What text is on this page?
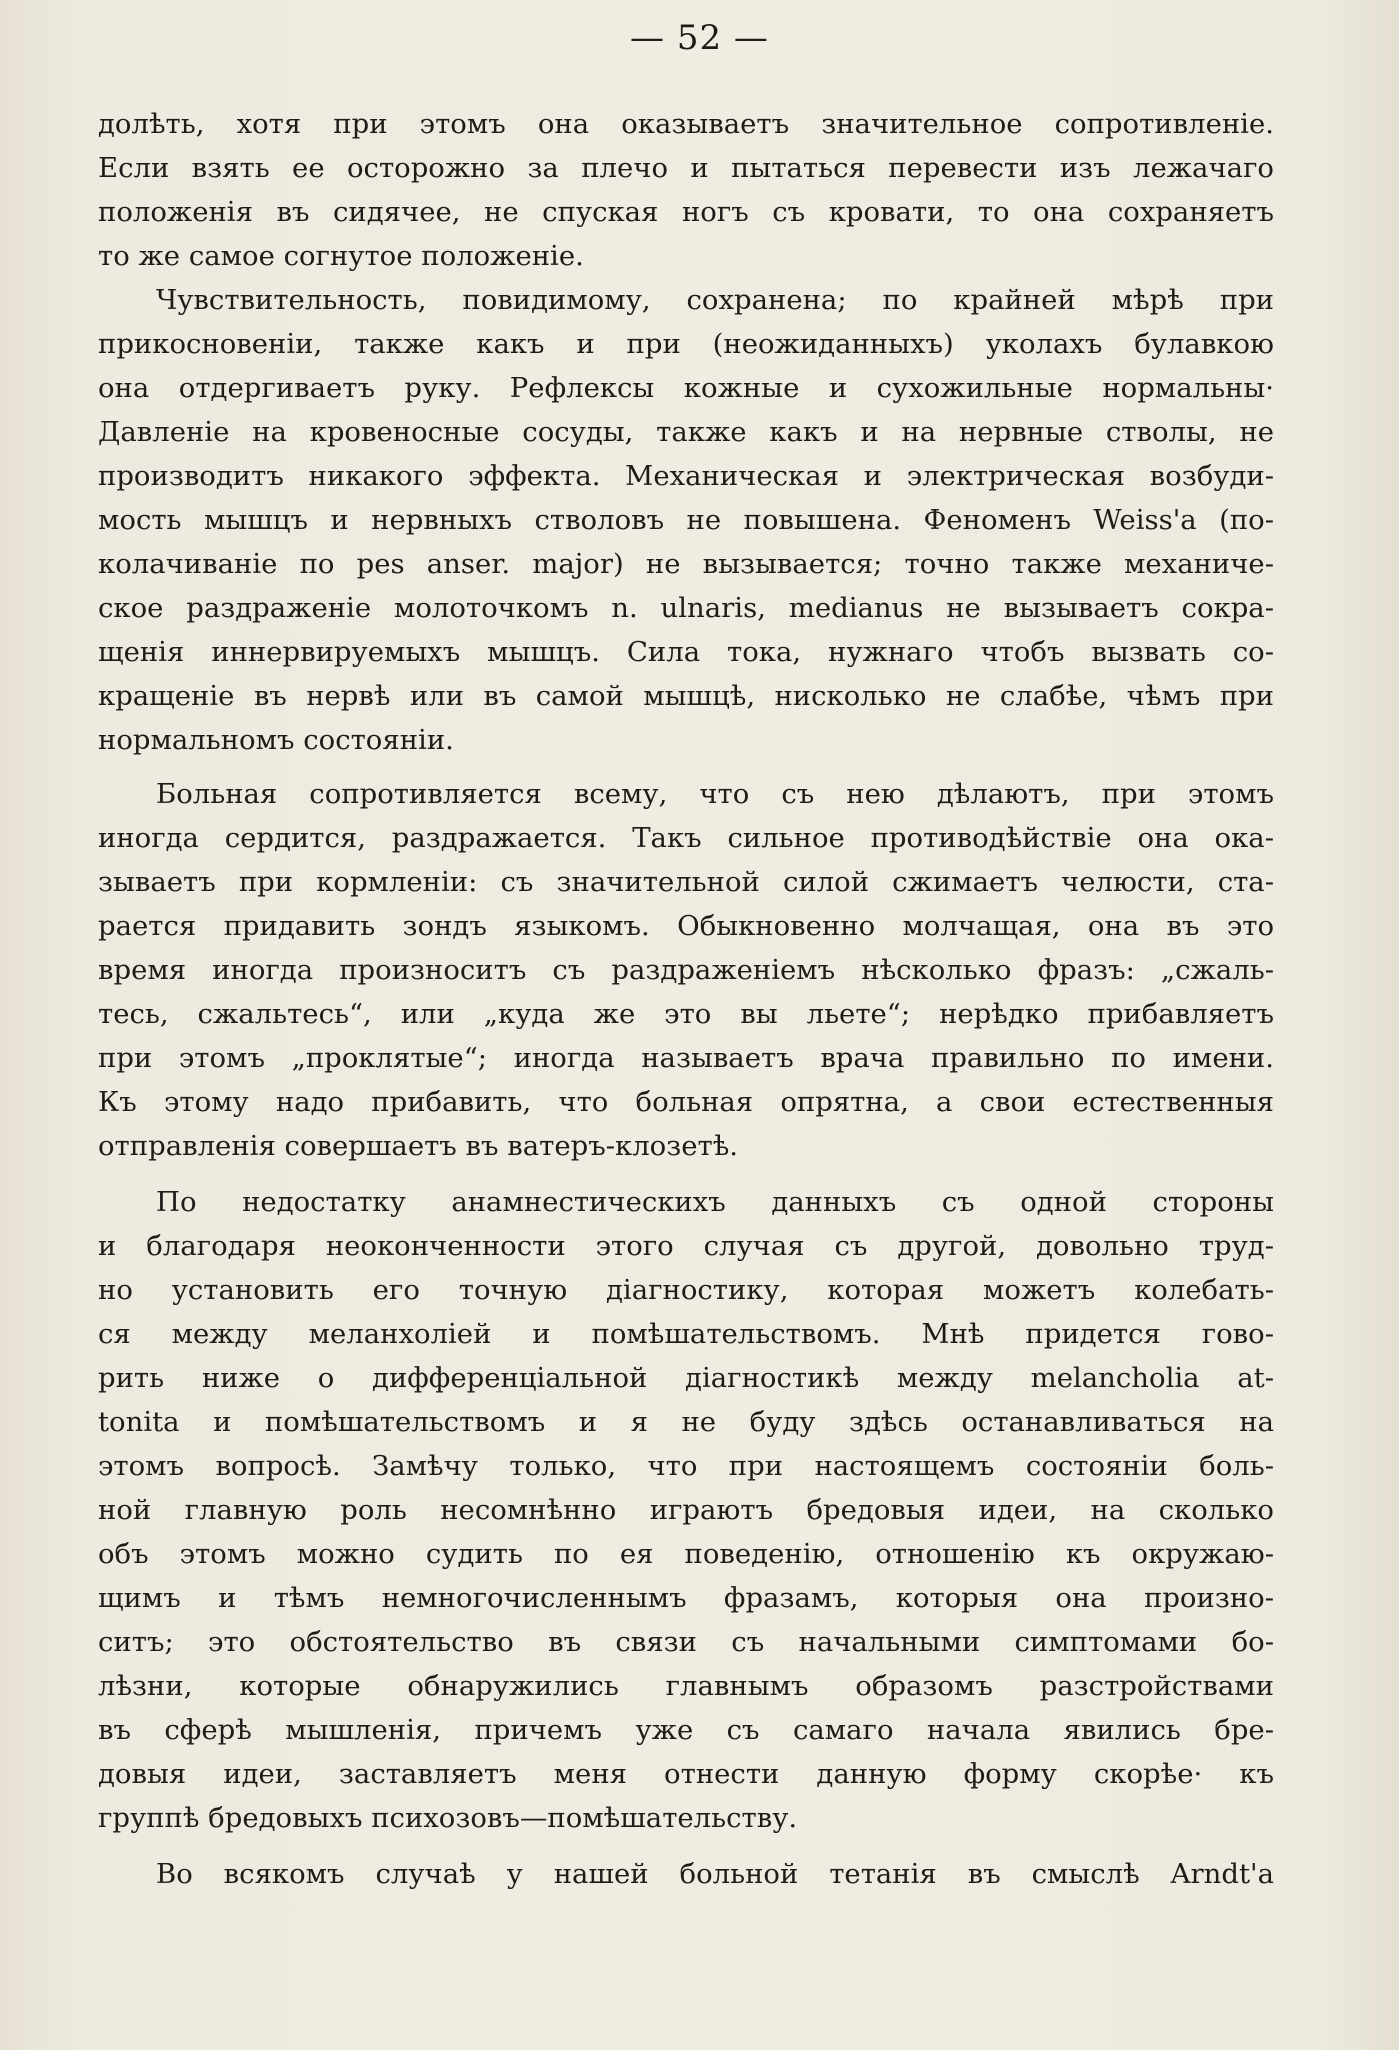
— 52 —
долѣть, хотя при этомъ она оказываетъ значительное сопротивленіе.
Если взять ее осторожно за плечо и пытаться перевести изъ лежачаго
положенія въ сидячее, не спуская ногъ съ кровати, то она сохраняетъ
то же самое согнутое положеніе.
Чувствительность, повидимому, сохранена; по крайней мѣрѣ при
прикосновеніи, также какъ и при (неожиданныхъ) уколахъ булавкою
она отдергиваетъ руку. Рефлексы кожные и сухожильные нормальны·
Давленіе на кровеносные сосуды, также какъ и на нервные стволы, не
производитъ никакого эффекта. Механическая и электрическая возбуди-
мость мышцъ и нервныхъ стволовъ не повышена. Феноменъ Weiss'а (по-
колачиваніе по pes anser. major) не вызывается; точно также механиче-
ское раздраженіе молоточкомъ n. ulnaris, medianus не вызываетъ сокра-
щенія иннервируемыхъ мышцъ. Сила тока, нужнаго чтобъ вызвать со-
кращеніе въ нервѣ или въ самой мышцѣ, нисколько не слабѣе, чѣмъ при
нормальномъ состояніи.
Больная сопротивляется всему, что съ нею дѣлаютъ, при этомъ
иногда сердится, раздражается. Такъ сильное противодѣйствіе она ока-
зываетъ при кормленіи: съ значительной силой сжимаетъ челюсти, ста-
рается придавить зондъ языкомъ. Обыкновенно молчащая, она въ это
время иногда произноситъ съ раздраженіемъ нѣсколько фразъ: „сжаль-
тесь, сжальтесь“, или „куда же это вы льете“; нерѣдко прибавляетъ
при этомъ „проклятые“; иногда называетъ врача правильно по имени.
Къ этому надо прибавить, что больная опрятна, а свои естественныя
отправленія совершаетъ въ ватеръ-клозетѣ.
По недостатку анамнестическихъ данныхъ съ одной стороны
и благодаря неоконченности этого случая съ другой, довольно труд-
но установить его точную діагностику, которая можетъ колебать-
ся между меланхоліей и помѣшательствомъ. Мнѣ придется гово-
рить ниже о дифференціальной діагностикѣ между melancholia at-
tonita и помѣшательствомъ и я не буду здѣсь останавливаться на
этомъ вопросѣ. Замѣчу только, что при настоящемъ состояніи боль-
ной главную роль несомнѣнно играютъ бредовыя идеи, на сколько
объ этомъ можно судить по ея поведенію, отношенію къ окружаю-
щимъ и тѣмъ немногочисленнымъ фразамъ, которыя она произно-
ситъ; это обстоятельство въ связи съ начальными симптомами бо-
лѣзни, которые обнаружились главнымъ образомъ разстройствами
въ сферѣ мышленія, причемъ уже съ самаго начала явились бре-
довыя идеи, заставляетъ меня отнести данную форму скорѣе· къ
группѣ бредовыхъ психозовъ—помѣшательству.
Во всякомъ случаѣ у нашей больной тетанія въ смыслѣ Arndt'а
